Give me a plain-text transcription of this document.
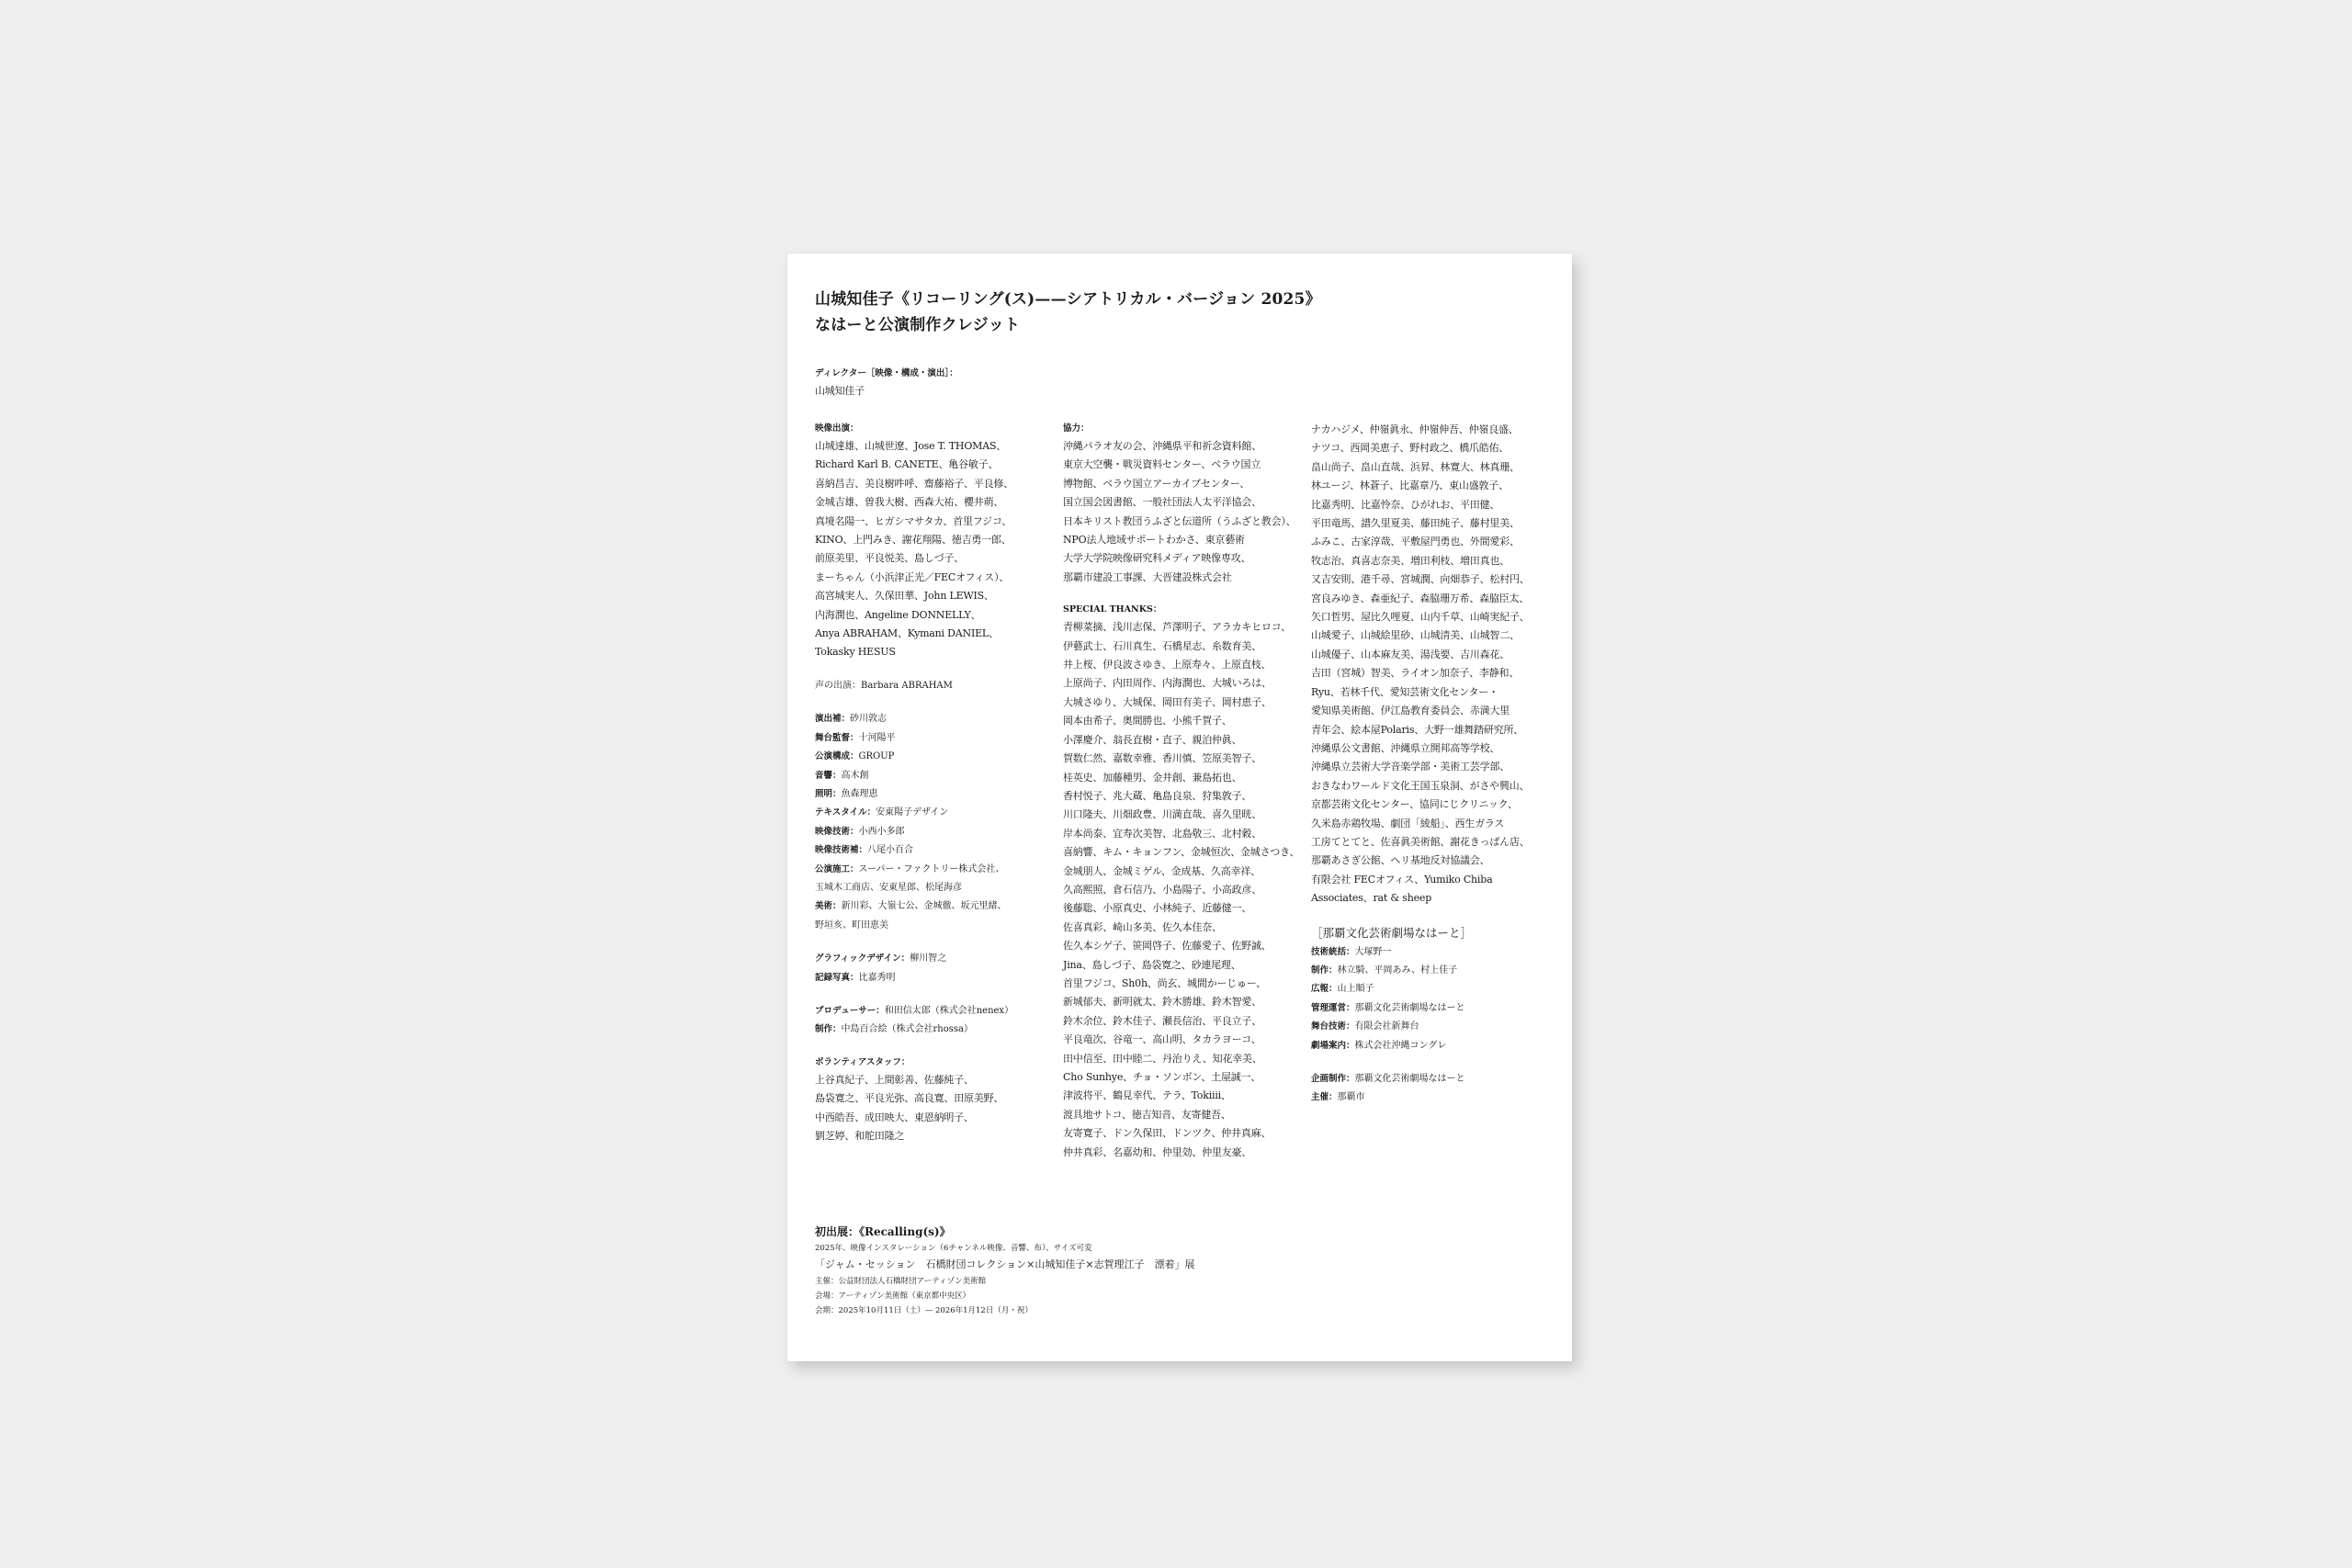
山城知佳子《リコーリング(ス)——シアトリカル・バージョン 2025》
なはーと公演制作クレジット
ディレクター［映像・構成・演出］：
山城知佳子
映像出演：
山城達雄、山城世遼、Jose T. THOMAS、
Richard Karl B. CANETE、亀谷敏子、
喜納昌吉、美良樹吽呼、齋藤裕子、平良修、
金城吉雄、曽我大樹、西森大祐、櫻井萌、
真境名陽一、ヒガシマサタカ、首里フジコ、
KINO、上門みき、謝花翔陽、徳吉勇一郎、
前原美里、平良悦美、島しづ子、
まーちゃん（小浜津正光／FECオフィス）、
高宮城実人、久保田華、John LEWIS、
内海潤也、Angeline DONNELLY、
Anya ABRAHAM、Kymani DANIEL、
Tokasky HESUS
声の出演：Barbara ABRAHAM
演出補：砂川敦志
舞台監督：十河陽平
公演構成：GROUP
音響：高木創
照明：魚森理恵
テキスタイル：安東陽子デザイン
映像技術：小西小多郎
映像技術補：八尾小百合
公演施工：スーパー・ファクトリー株式会社、
玉城木工商店、安東星郎、松尾海彦
美術：新川彩、大嶺七公、金城徹、坂元里緒、
野垣亥、町田恵美
グラフィックデザイン：柳川智之
記録写真：比嘉秀明
プロデューサー：和田信太郎（株式会社nenex）
制作：中島百合絵（株式会社rhossa）
ボランティアスタッフ：
上谷真紀子、上間彰善、佐藤純子、
島袋寛之、平良光弥、高良寛、田原美野、
中西皓吾、成田映大、東恩納明子、
劉芝婷、和舵田隆之
協力：
沖縄パラオ友の会、沖縄県平和祈念資料館、
東京大空襲・戦災資料センター、ベラウ国立
博物館、ベラウ国立アーカイブセンター、
国立国会図書館、一般社団法人太平洋協会、
日本キリスト教団うふざと伝道所（うふざと教会）、
NPO法人地域サポートわかさ、東京藝術
大学大学院映像研究科メディア映像専攻、
那覇市建設工事課、大晋建設株式会社
SPECIAL THANKS：
青柳菜摘、浅川志保、芦澤明子、アラカキヒロコ、
伊藝武士、石川真生、石橋星志、糸数育美、
井上桜、伊良波さゆき、上原寿々、上原直枝、
上原尚子、内田周作、内海潤也、大城いろは、
大城さゆり、大城保、岡田有美子、岡村恵子、
岡本由希子、奥間勝也、小熊千賀子、
小澤慶介、翁長直樹・直子、親泊仲眞、
賀数仁然、嘉数幸雅、香川慎、笠原美智子、
桂英史、加藤種男、金井創、兼島拓也、
香村悦子、兆大蔵、亀島良泉、狩集敦子、
川口隆夫、川畑政豊、川満直哉、喜久里晄、
岸本尚泰、宜寿次美智、北島敬三、北村穀、
喜納響、キム・キョンフン、金城恒次、金城さつき、
金城朋人、金城ミゲル、金成基、久高幸祥、
久高熙照、倉石信乃、小島陽子、小高政彦、
後藤聡、小原真史、小林純子、近藤健一、
佐喜真彩、崎山多美、佐久本佳奈、
佐久本シゲ子、笹岡啓子、佐藤愛子、佐野誠、
Jina、島しづ子、島袋寛之、砂連尾理、
首里フジコ、Sh0h、尚玄、城間かーじゅー、
新城郁夫、新明就太、鈴木勝雄、鈴木智愛、
鈴木余位、鈴木佳子、瀬長信治、平良立子、
平良竜次、谷竜一、高山明、タカラヨーコ、
田中信至、田中睦二、丹治りえ、知花幸美、
Cho Sunhye、チョ・ソンボン、土屋誠一、
津波将平、鶴見幸代、テラ、Tokiiii、
渡具地サトコ、徳吉知音、友寄健吾、
友寄寛子、ドン久保田、ドンツク、仲井真麻、
仲井真彩、名嘉幼和、仲里効、仲里友豪、
ナカハジメ、仲嶺眞永、仲嶺伸吾、仲嶺良盛、
ナツコ、西岡美恵子、野村政之、橋爪皓佑、
畠山尚子、畠山直哉、浜昇、林寛大、林真珊、
林ユージ、林蒼子、比嘉章乃、東山盛敦子、
比嘉秀明、比嘉怜奈、ひがれお、平田健、
平田竜馬、譜久里夏美、藤田純子、藤村里美、
ふみこ、古家淳哉、平敷屋門勇也、外間愛彩、
牧志治、真喜志奈美、増田利枝、増田真也、
又吉安則、港千尋、宮城潤、向畑恭子、松村円、
宮良みゆき、森亜紀子、森脇珊万希、森脇臣太、
矢口哲男、屋比久哩夏、山内千草、山崎実紀子、
山城愛子、山城絵里砂、山城清美、山城智二、
山城優子、山本麻友美、湯浅要、吉川森花、
吉田（宮城）智美、ライオン加奈子、李静和、
Ryu、若林千代、愛知芸術文化センター・
愛知県美術館、伊江島教育委員会、赤満大里
青年会、絵本屋Polaris、大野一雄舞踏研究所、
沖縄県公文書館、沖縄県立開邦高等学校、
沖縄県立芸術大学音楽学部・美術工芸学部、
おきなわワールド文化王国玉泉洞、がさや興山、
京都芸術文化センター、協同にじクリニック、
久米島赤鶏牧場、劇団「綾船」、西生ガラス
工房てとてと、佐喜眞美術館、謝花きっぱん店、
那覇あさぎ公館、ヘリ基地反対協議会、
有限会社 FECオフィス、Yumiko Chiba
Associates、rat & sheep
［那覇文化芸術劇場なはーと］
技術統括：大塚野一
制作：林立騎、平岡あみ、村上佳子
広報：山上順子
管理運営：那覇文化芸術劇場なはーと
舞台技術：有限会社新舞台
劇場案内：株式会社沖縄コングレ
企画制作：那覇文化芸術劇場なはーと
主催：那覇市
初出展：《Recalling(s)》
2025年、映像インスタレーション（6チャンネル映像、音響、布）、サイズ可変
「ジャム・セッション　石橋財団コレクション×山城知佳子×志賀理江子　漂着」展
主催：公益財団法人石橋財団アーティゾン美術館
会場：アーティゾン美術館（東京都中央区）
会期：2025年10月11日（土）— 2026年1月12日（月・祝）
